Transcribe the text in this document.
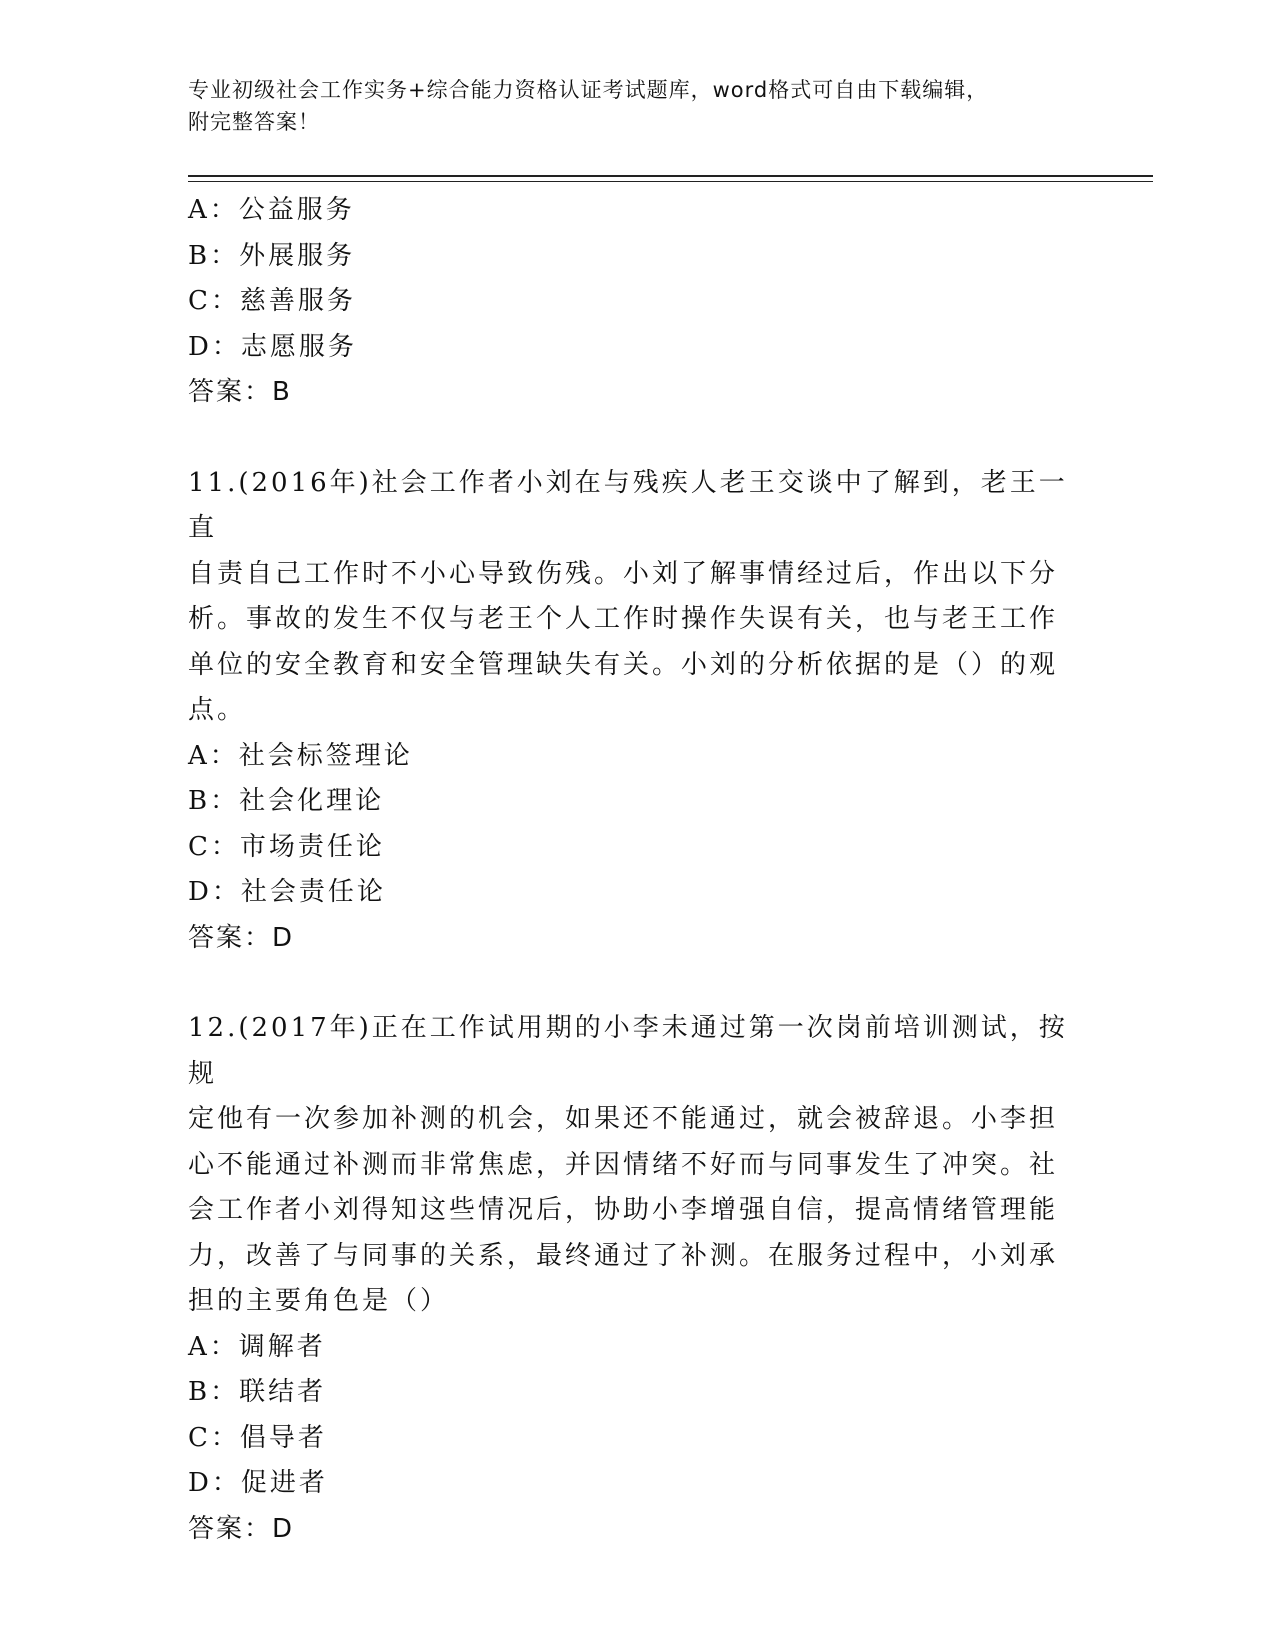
专业初级社会工作实务+综合能力资格认证考试题库，word格式可自由下载编辑，

附完整答案！

A：公益服务

B：外展服务

C：慈善服务

D：志愿服务

答案：B

11.(2016年)社会工作者小刘在与残疾人老王交谈中了解到，老王一直

自责自己工作时不小心导致伤残。小刘了解事情经过后，作出以下分

析。事故的发生不仅与老王个人工作时操作失误有关，也与老王工作

单位的安全教育和安全管理缺失有关。小刘的分析依据的是（）的观

点。

A：社会标签理论

B：社会化理论

C：市场责任论

D：社会责任论

答案：D

12.(2017年)正在工作试用期的小李未通过第一次岗前培训测试，按规

定他有一次参加补测的机会，如果还不能通过，就会被辞退。小李担

心不能通过补测而非常焦虑，并因情绪不好而与同事发生了冲突。社

会工作者小刘得知这些情况后，协助小李增强自信，提高情绪管理能

力，改善了与同事的关系，最终通过了补测。在服务过程中，小刘承

担的主要角色是（）

A：调解者

B：联结者

C：倡导者

D：促进者

答案：D
